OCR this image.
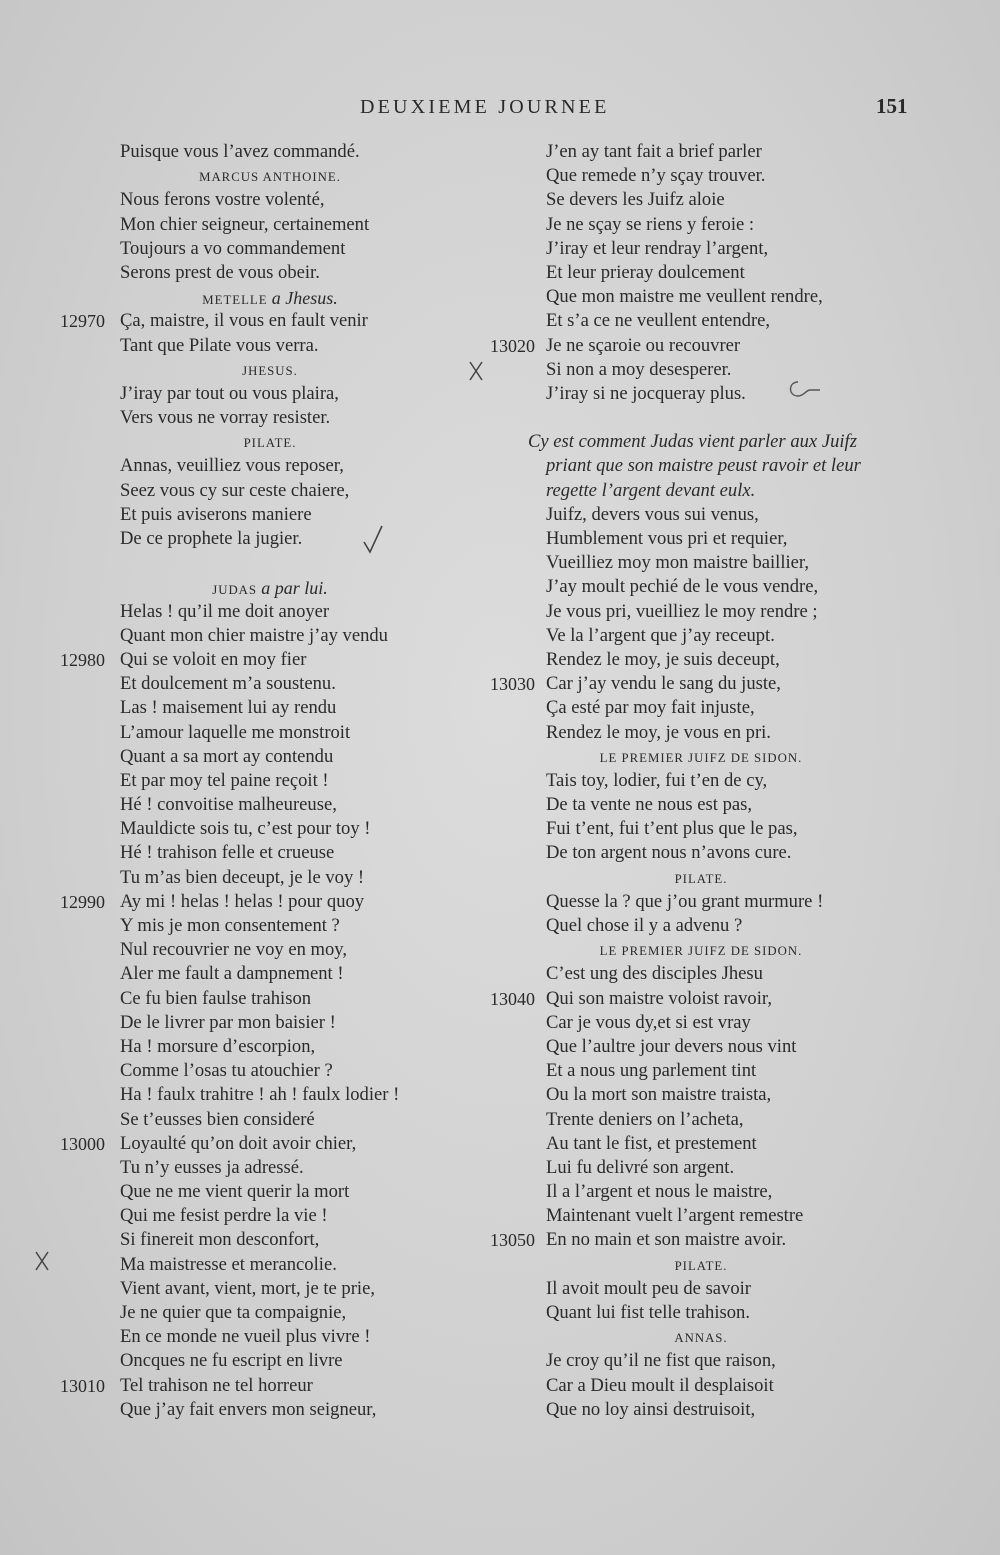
DEUXIEME JOURNEE	151
Puisque vous l’avez commandé.
MARCUS ANTHOINE.
Nous ferons vostre volenté,
Mon chier seigneur, certainement
Toujours a vo commandement
Serons prest de vous obeir.
METELLE a Jhesus.
12970 Ça, maistre, il vous en fault venir
Tant que Pilate vous verra.
JHESUS.
J’iray par tout ou vous plaira,
Vers vous ne vorray resister.
PILATE.
Annas, veuilliez vous reposer,
Seez vous cy sur ceste chaiere,
Et puis aviserons maniere
De ce prophete la jugier.
JUDAS a par lui.
Helas ! qu’il me doit anoyer
Quant mon chier maistre j’ay vendu
12980 Qui se voloit en moy fier
Et doulcement m’a soustenu.
Las ! maisement lui ay rendu
L’amour laquelle me monstroit
Quant a sa mort ay contendu
Et par moy tel paine reçoit !
Hé ! convoitise malheureuse,
Mauldicte sois tu, c’est pour toy !
Hé ! trahison felle et crueuse
Tu m’as bien deceupt, je le voy !
12990 Ay mi ! helas ! helas ! pour quoy
Y mis je mon consentement ?
Nul recouvrier ne voy en moy,
Aler me fault a dampnement !
Ce fu bien faulse trahison
De le livrer par mon baisier !
Ha ! morsure d’escorpion,
Comme l’osas tu atouchier ?
Ha ! faulx trahitre ! ah ! faulx lodier !
Se t’eusses bien consideré
13000 Loyaulté qu’on doit avoir chier,
Tu n’y eusses ja adressé.
Que ne me vient querir la mort
Qui me fesist perdre la vie !
Si finereit mon desconfort,
Ma maistresse et merancolie.
Vient avant, vient, mort, je te prie,
Je ne quier que ta compaignie,
En ce monde ne vueil plus vivre !
Oncques ne fu escript en livre
13010 Tel trahison ne tel horreur
Que j’ay fait envers mon seigneur,
J’en ay tant fait a brief parler
Que remede n’y sçay trouver.
Se devers les Juifz aloie
Je ne sçay se riens y feroie :
J’iray et leur rendray l’argent,
Et leur prieray doulcement
Que mon maistre me veullent rendre,
Et s’a ce ne veullent entendre,
13020 Je ne sçaroie ou recouvrer
Si non a moy desesperer.
J’iray si ne jocqueray plus.
Cy est comment Judas vient parler aux Juifz
priant que son maistre peust ravoir et leur
regette l’argent devant eulx.
Juifz, devers vous sui venus,
Humblement vous pri et requier,
Vueilliez moy mon maistre baillier,
J’ay moult pechié de le vous vendre,
Je vous pri, vueilliez le moy rendre ;
Ve la l’argent que j’ay receupt.
Rendez le moy, je suis deceupt,
13030 Car j’ay vendu le sang du juste,
Ça esté par moy fait injuste,
Rendez le moy, je vous en pri.
LE PREMIER JUIFZ DE SIDON.
Tais toy, lodier, fui t’en de cy,
De ta vente ne nous est pas,
Fui t’ent, fui t’ent plus que le pas,
De ton argent nous n’avons cure.
PILATE.
Quesse la ? que j’ou grant murmure !
Quel chose il y a advenu ?
LE PREMIER JUIFZ DE SIDON.
C’est ung des disciples Jhesu
13040 Qui son maistre voloist ravoir,
Car je vous dy,et si est vray
Que l’aultre jour devers nous vint
Et a nous ung parlement tint
Ou la mort son maistre traista,
Trente deniers on l’acheta,
Au tant le fist, et prestement
Lui fu delivré son argent.
Il a l’argent et nous le maistre,
Maintenant vuelt l’argent remestre
13050 En no main et son maistre avoir.
PILATE.
Il avoit moult peu de savoir
Quant lui fist telle trahison.
ANNAS.
Je croy qu’il ne fist que raison,
Car a Dieu moult il desplaisoit
Que no loy ainsi destruisoit,
